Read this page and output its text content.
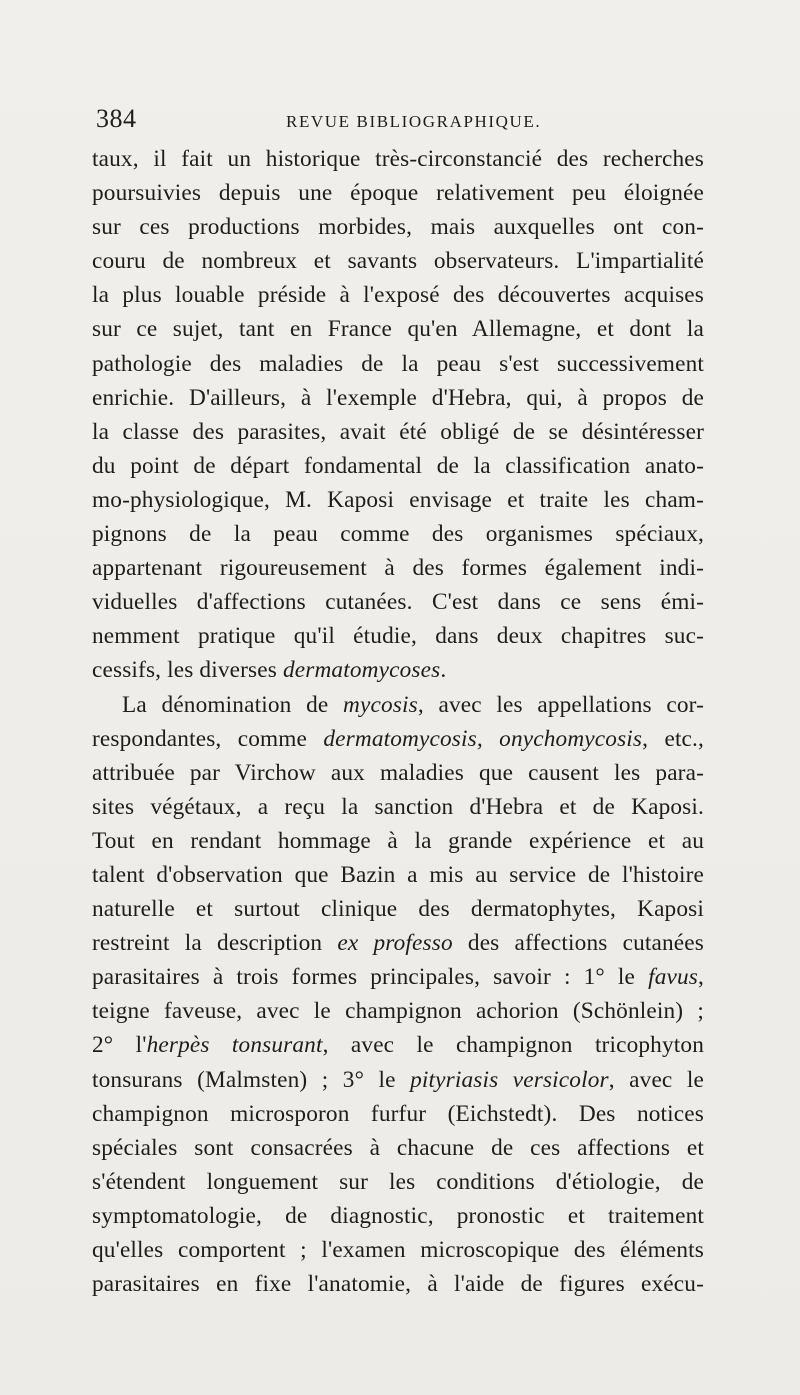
384	REVUE BIBLIOGRAPHIQUE.
taux, il fait un historique très-circonstancié des recherches
poursuivies depuis une époque relativement peu éloignée
sur ces productions morbides, mais auxquelles ont con-
couru de nombreux et savants observateurs. L'impartialité
la plus louable préside à l'exposé des découvertes acquises
sur ce sujet, tant en France qu'en Allemagne, et dont la
pathologie des maladies de la peau s'est successivement
enrichie. D'ailleurs, à l'exemple d'Hebra, qui, à propos de
la classe des parasites, avait été obligé de se désintéresser
du point de départ fondamental de la classification anato-
mo-physiologique, M. Kaposi envisage et traite les cham-
pignons de la peau comme des organismes spéciaux,
appartenant rigoureusement à des formes également indi-
viduelles d'affections cutanées. C'est dans ce sens émi-
nemment pratique qu'il étudie, dans deux chapitres suc-
cessifs, les diverses dermatomycoses.
La dénomination de mycosis, avec les appellations cor-
respondantes, comme dermatomycosis, onychomycosis, etc.,
attribuée par Virchow aux maladies que causent les para-
sites végétaux, a reçu la sanction d'Hebra et de Kaposi.
Tout en rendant hommage à la grande expérience et au
talent d'observation que Bazin a mis au service de l'histoire
naturelle et surtout clinique des dermatophytes, Kaposi
restreint la description ex professo des affections cutanées
parasitaires à trois formes principales, savoir : 1° le favus,
teigne faveuse, avec le champignon achorion (Schönlein) ;
2° l'herpès tonsurant, avec le champignon tricophyton
tonsurans (Malmsten) ; 3° le pityriasis versicolor, avec le
champignon microsporon furfur (Eichstedt). Des notices
spéciales sont consacrées à chacune de ces affections et
s'étendent longuement sur les conditions d'étiologie, de
symptomatologie, de diagnostic, pronostic et traitement
qu'elles comportent ; l'examen microscopique des éléments
parasitaires en fixe l'anatomie, à l'aide de figures exécu-
